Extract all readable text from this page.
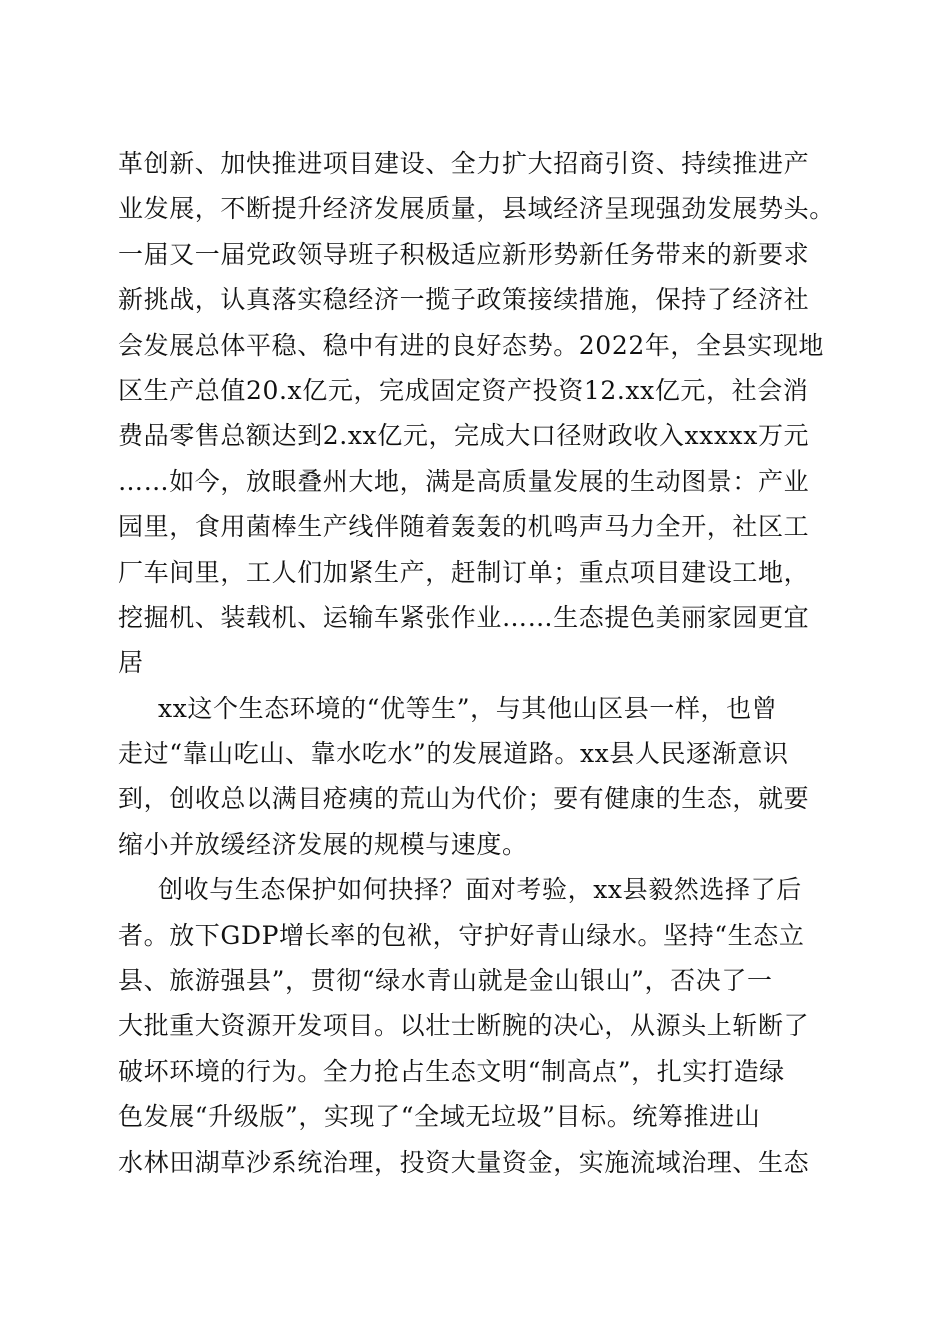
革创新、加快推进项目建设、全力扩大招商引资、持续推进产
业发展，不断提升经济发展质量，县域经济呈现强劲发展势头。
一届又一届党政领导班子积极适应新形势新任务带来的新要求
新挑战，认真落实稳经济一揽子政策接续措施，保持了经济社
会发展总体平稳、稳中有进的良好态势。2022年，全县实现地
区生产总值20.x亿元，完成固定资产投资12.xx亿元，社会消
费品零售总额达到2.xx亿元，完成大口径财政收入xxxxx万元
……如今，放眼叠州大地，满是高质量发展的生动图景：产业
园里，食用菌棒生产线伴随着轰轰的机鸣声马力全开，社区工
厂车间里，工人们加紧生产，赶制订单；重点项目建设工地，
挖掘机、装载机、运输车紧张作业……生态提色美丽家园更宜
居
xx这个生态环境的“优等生”，与其他山区县一样，也曾
走过“靠山吃山、靠水吃水”的发展道路。xx县人民逐渐意识
到，创收总以满目疮痍的荒山为代价；要有健康的生态，就要
缩小并放缓经济发展的规模与速度。
创收与生态保护如何抉择？面对考验，xx县毅然选择了后
者。放下GDP增长率的包袱，守护好青山绿水。坚持“生态立
县、旅游强县”，贯彻“绿水青山就是金山银山”，否决了一
大批重大资源开发项目。以壮士断腕的决心，从源头上斩断了
破坏环境的行为。全力抢占生态文明“制高点”，扎实打造绿
色发展“升级版”，实现了“全域无垃圾”目标。统筹推进山
水林田湖草沙系统治理，投资大量资金，实施流域治理、生态
